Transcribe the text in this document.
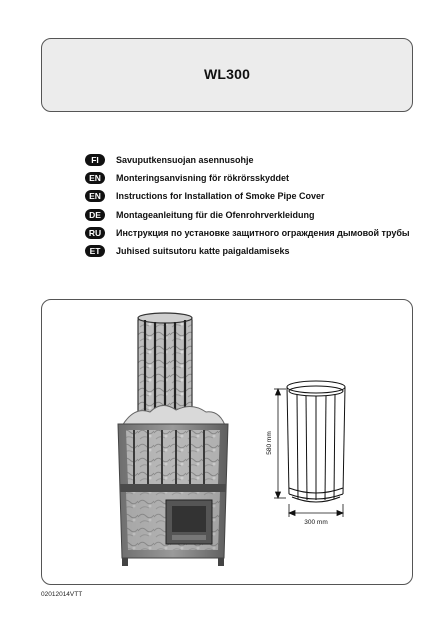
WL300
FI	Savuputkensuojan asennusohje
EN	Monteringsanvisning för rökrörsskyddet
EN	Instructions for Installation of Smoke Pipe Cover
DE	Montageanleitung für die Ofenrohrverkleidung
RU	Инструкция по установке защитного ограждения дымовой трубы
ET	Juhised suitsutoru katte paigaldamiseks
580 mm
300 mm
02012014VTT
